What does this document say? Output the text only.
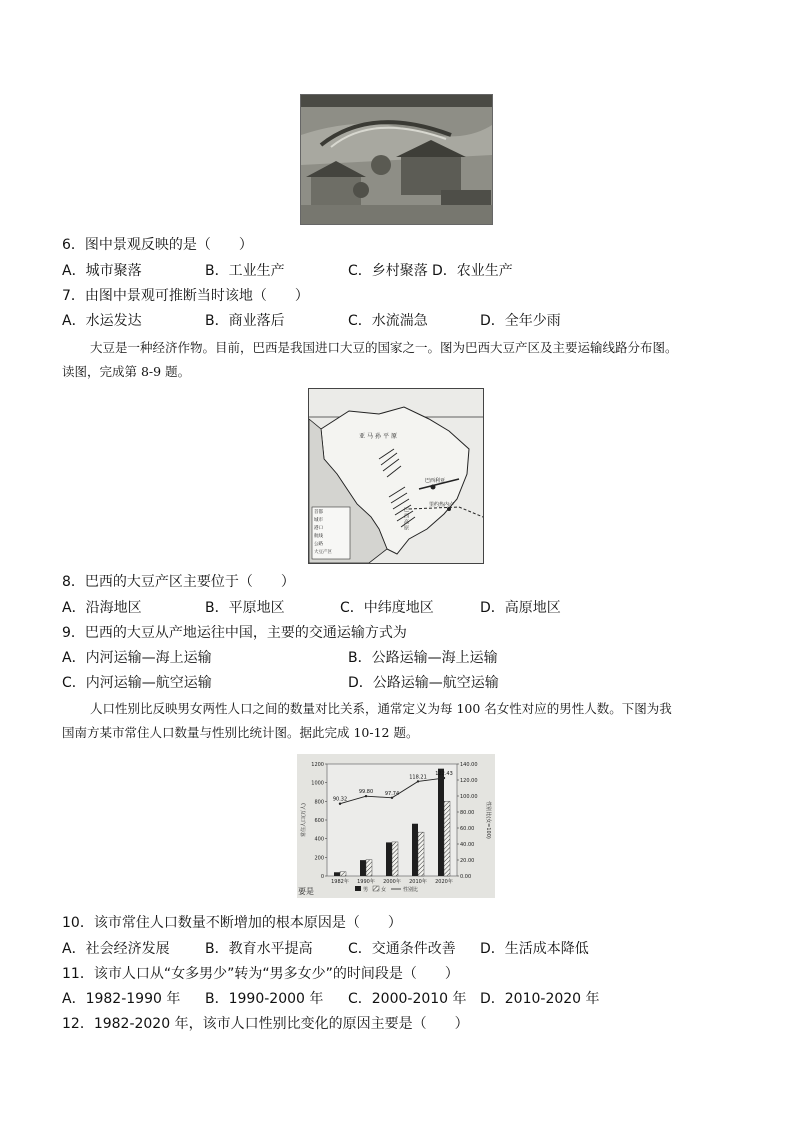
6．图中景观反映的是（　　）
A．城市聚落	B．工业生产	C．乡村聚落 D．农业生产
7．由图中景观可推断当时该地（　　）
A．水运发达	B．商业落后	C．水流湍急	D．全年少雨
大豆是一种经济作物。目前，巴西是我国进口大豆的国家之一。图为巴西大豆产区及主要运输线路分布图。
读图，完成第 8-9 题。
亚马孙平原
巴西高原
巴西利亚
里约热内卢
首都
城市
港口
航线
公路
大豆产区
8．巴西的大豆产区主要位于（　　）
A．沿海地区	B．平原地区	C．中纬度地区	D．高原地区
9．巴西的大豆从产地运往中国，主要的交通运输方式为
A．内河运输—海上运输	B．公路运输—海上运输
C．内河运输—航空运输	D．公路运输—航空运输
人口性别比反映男女两性人口之间的数量对比关系，通常定义为每 100 名女性对应的男性人数。下图为我
国南方某市常住人口数量与性别比统计图。据此完成 10-12 题。
0
200
400
600
800
1000
1200
0.00
20.00
40.00
60.00
80.00
100.00
120.00
140.00
常住人口(万人)	性别比(女=100)
1982年 1990年 2000年 2010年 2020年
90.32
99.80 97.74
118.21
122.43
男	女	性别比
要是
10．该市常住人口数量不断增加的根本原因是（　　）
A．社会经济发展	B．教育水平提高	C．交通条件改善 D．生活成本降低
11．该市人口从“女多男少”转为“男多女少”的时间段是（　　）
A．1982-1990 年 B．1990-2000 年 C．2000-2010 年 D．2010-2020 年
12．1982-2020 年，该市人口性别比变化的原因主要是（　　）
